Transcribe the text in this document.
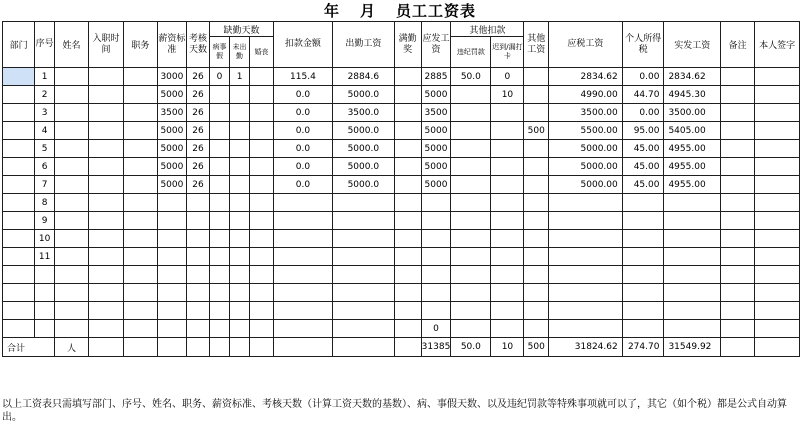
年 月 员工工资表
部门	序号	姓名	入职时间	职务	薪资标准	考核天数	缺勤天数			扣款金额	出勤工资	满勤奖	应发工资	其他扣款		其他工资	应税工资	个人所得税	实发工资	备注	本人签字
							病事假	未出勤	婚丧					违纪罚款	迟到/漏打卡						
	1				3000	26	0	1		115.4	2884.6		2885	50.0	0		2834.62	0.00	2834.62		
	2				5000	26				0.0	5000.0		5000		10		4990.00	44.70	4945.30		
	3				3500	26				0.0	3500.0		3500				3500.00	0.00	3500.00		
	4				5000	26				0.0	5000.0		5000			500	5500.00	95.00	5405.00		
	5				5000	26				0.0	5000.0		5000				5000.00	45.00	4955.00		
	6				5000	26				0.0	5000.0		5000				5000.00	45.00	4955.00		
	7				5000	26				0.0	5000.0		5000				5000.00	45.00	4955.00		
	8																				
	9																				
	10																				
	11																				

													0								
合计		人											31385	50.0	10	500	31824.62	274.70	31549.92		
以上工资表只需填写部门、序号、姓名、职务、薪资标准、考核天数（计算工资天数的基数）、病、事假天数、以及违纪罚款等特殊事项就可以了，其它（如个税）都是公式自动算出。
